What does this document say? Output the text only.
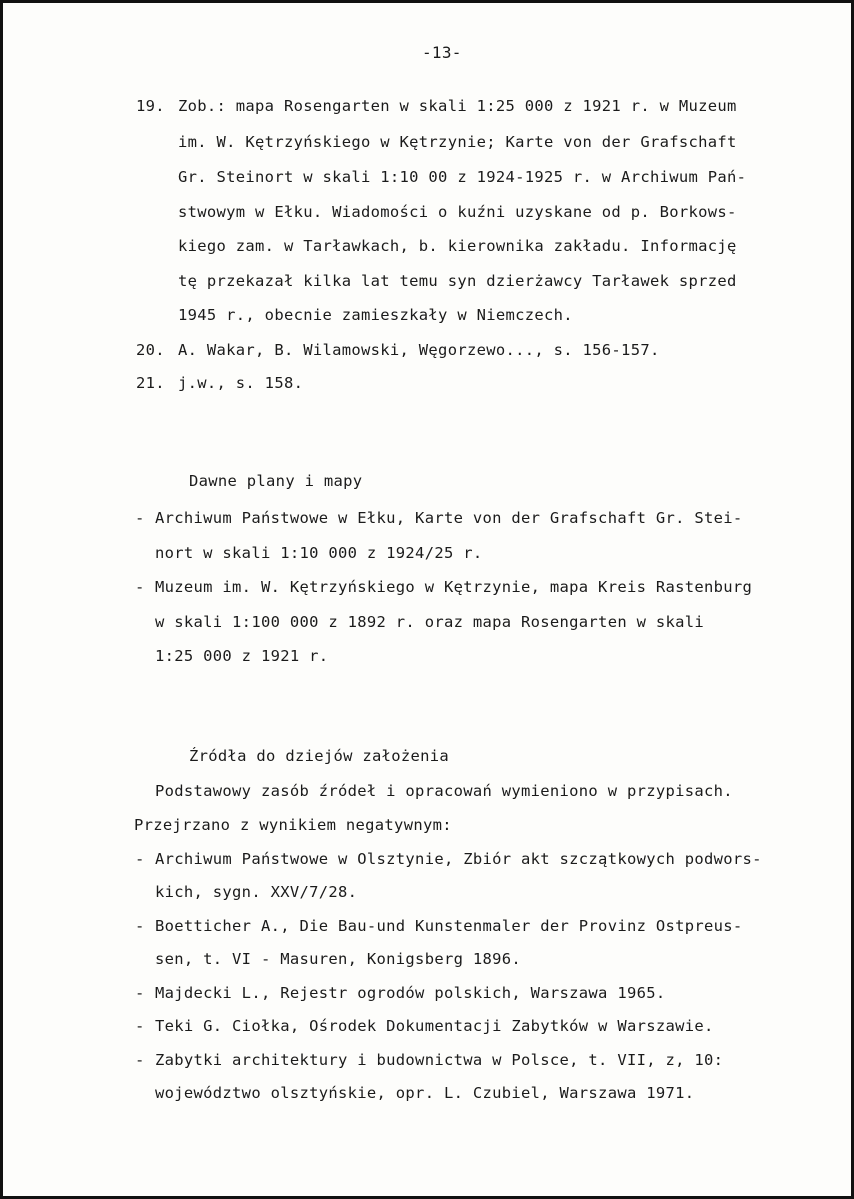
-13-
19. Zob.: mapa Rosengarten w skali 1:25 000 z 1921 r. w Muzeum
im. W. Kętrzyńskiego w Kętrzynie; Karte von der Grafschaft
Gr. Steinort w skali 1:10 00 z 1924-1925 r. w Archiwum Pań-
stwowym w Ełku. Wiadomości o kuźni uzyskane od p. Borkows-
kiego zam. w Tarławkach, b. kierownika zakładu. Informację
tę przekazał kilka lat temu syn dzierżawcy Tarławek sprzed
1945 r., obecnie zamieszkały w Niemczech.
20. A. Wakar, B. Wilamowski, Węgorzewo..., s. 156-157.
21. j.w., s. 158.
Dawne plany i mapy
- Archiwum Państwowe w Ełku, Karte von der Grafschaft Gr. Stei-
nort w skali 1:10 000 z 1924/25 r.
- Muzeum im. W. Kętrzyńskiego w Kętrzynie, mapa Kreis Rastenburg
w skali 1:100 000 z 1892 r. oraz mapa Rosengarten w skali
1:25 000 z 1921 r.
Źródła do dziejów założenia
Podstawowy zasób źródeł i opracowań wymieniono w przypisach.
Przejrzano z wynikiem negatywnym:
- Archiwum Państwowe w Olsztynie, Zbiór akt szczątkowych podwors-
kich, sygn. XXV/7/28.
- Boetticher A., Die Bau-und Kunstenmaler der Provinz Ostpreus-
sen, t. VI - Masuren, Konigsberg 1896.
- Majdecki L., Rejestr ogrodów polskich, Warszawa 1965.
- Teki G. Ciołka, Ośrodek Dokumentacji Zabytków w Warszawie.
- Zabytki architektury i budownictwa w Polsce, t. VII, z, 10:
województwo olsztyńskie, opr. L. Czubiel, Warszawa 1971.
